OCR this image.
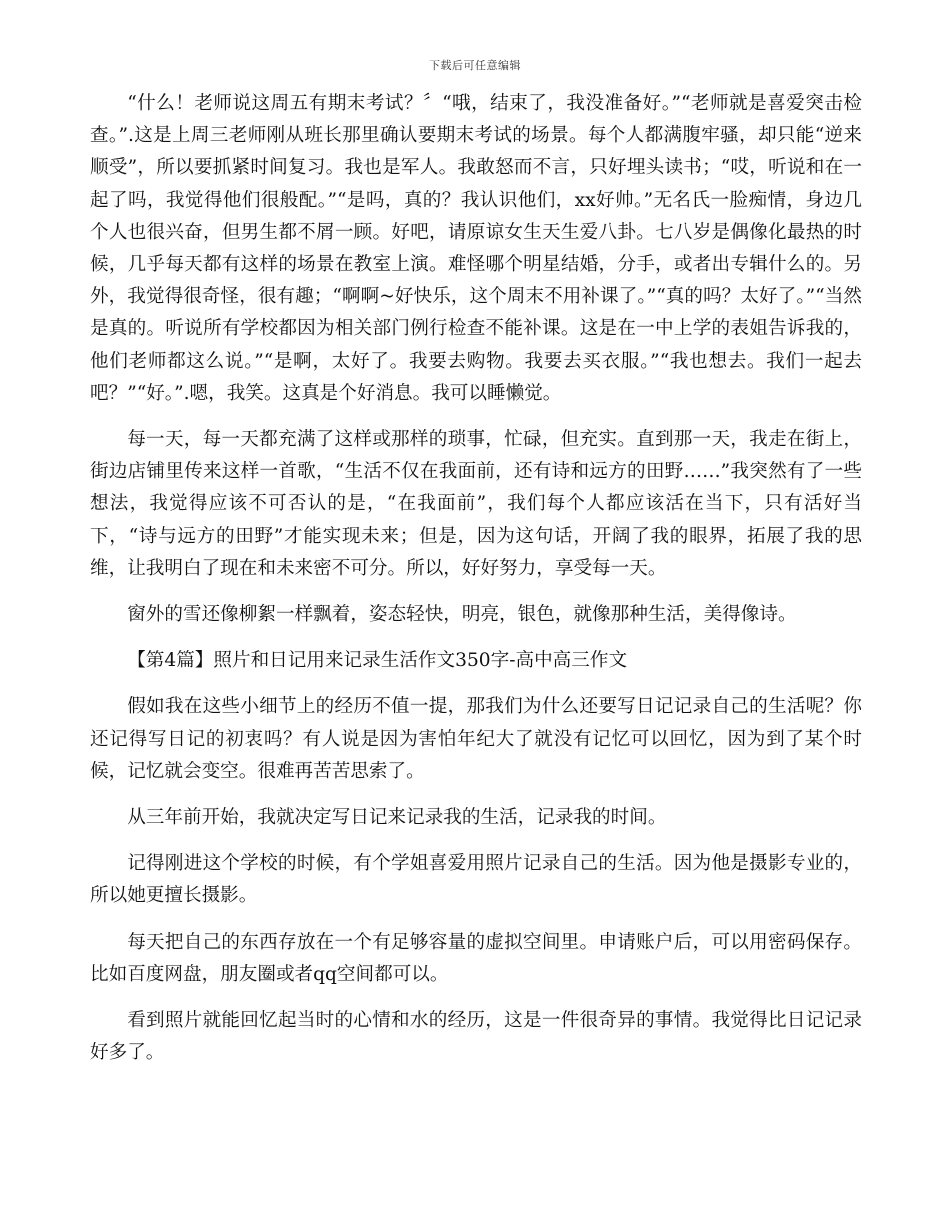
下载后可任意编辑

“什么！老师说这周五有期末考试？〞“哦，结束了，我没准备好。”“老师就是喜爱突击检查。”.这是上周三老师刚从班长那里确认要期末考试的场景。每个人都满腹牢骚，却只能“逆来顺受”，所以要抓紧时间复习。我也是军人。我敢怒而不言，只好埋头读书；“哎，听说和在一起了吗，我觉得他们很般配。”“是吗，真的？我认识他们，xx好帅。”无名氏一脸痴情，身边几个人也很兴奋，但男生都不屑一顾。好吧，请原谅女生天生爱八卦。七八岁是偶像化最热的时候，几乎每天都有这样的场景在教室上演。难怪哪个明星结婚，分手，或者出专辑什么的。另外，我觉得很奇怪，很有趣；“啊啊~好快乐，这个周末不用补课了。”“真的吗？太好了。”“当然是真的。听说所有学校都因为相关部门例行检查不能补课。这是在一中上学的表姐告诉我的，他们老师都这么说。”“是啊，太好了。我要去购物。我要去买衣服。”“我也想去。我们一起去吧？”“好。”.嗯，我笑。这真是个好消息。我可以睡懒觉。

每一天，每一天都充满了这样或那样的琐事，忙碌，但充实。直到那一天，我走在街上，街边店铺里传来这样一首歌，“生活不仅在我面前，还有诗和远方的田野……”我突然有了一些想法，我觉得应该不可否认的是，“在我面前”，我们每个人都应该活在当下，只有活好当下，“诗与远方的田野”才能实现未来；但是，因为这句话，开阔了我的眼界，拓展了我的思维，让我明白了现在和未来密不可分。所以，好好努力，享受每一天。

窗外的雪还像柳絮一样飘着，姿态轻快，明亮，银色，就像那种生活，美得像诗。

【第4篇】照片和日记用来记录生活作文350字-高中高三作文

假如我在这些小细节上的经历不值一提，那我们为什么还要写日记记录自己的生活呢？你还记得写日记的初衷吗？有人说是因为害怕年纪大了就没有记忆可以回忆，因为到了某个时候，记忆就会变空。很难再苦苦思索了。

从三年前开始，我就决定写日记来记录我的生活，记录我的时间。

记得刚进这个学校的时候，有个学姐喜爱用照片记录自己的生活。因为他是摄影专业的，所以她更擅长摄影。

每天把自己的东西存放在一个有足够容量的虚拟空间里。申请账户后，可以用密码保存。比如百度网盘，朋友圈或者qq空间都可以。

看到照片就能回忆起当时的心情和水的经历，这是一件很奇异的事情。我觉得比日记记录好多了。
